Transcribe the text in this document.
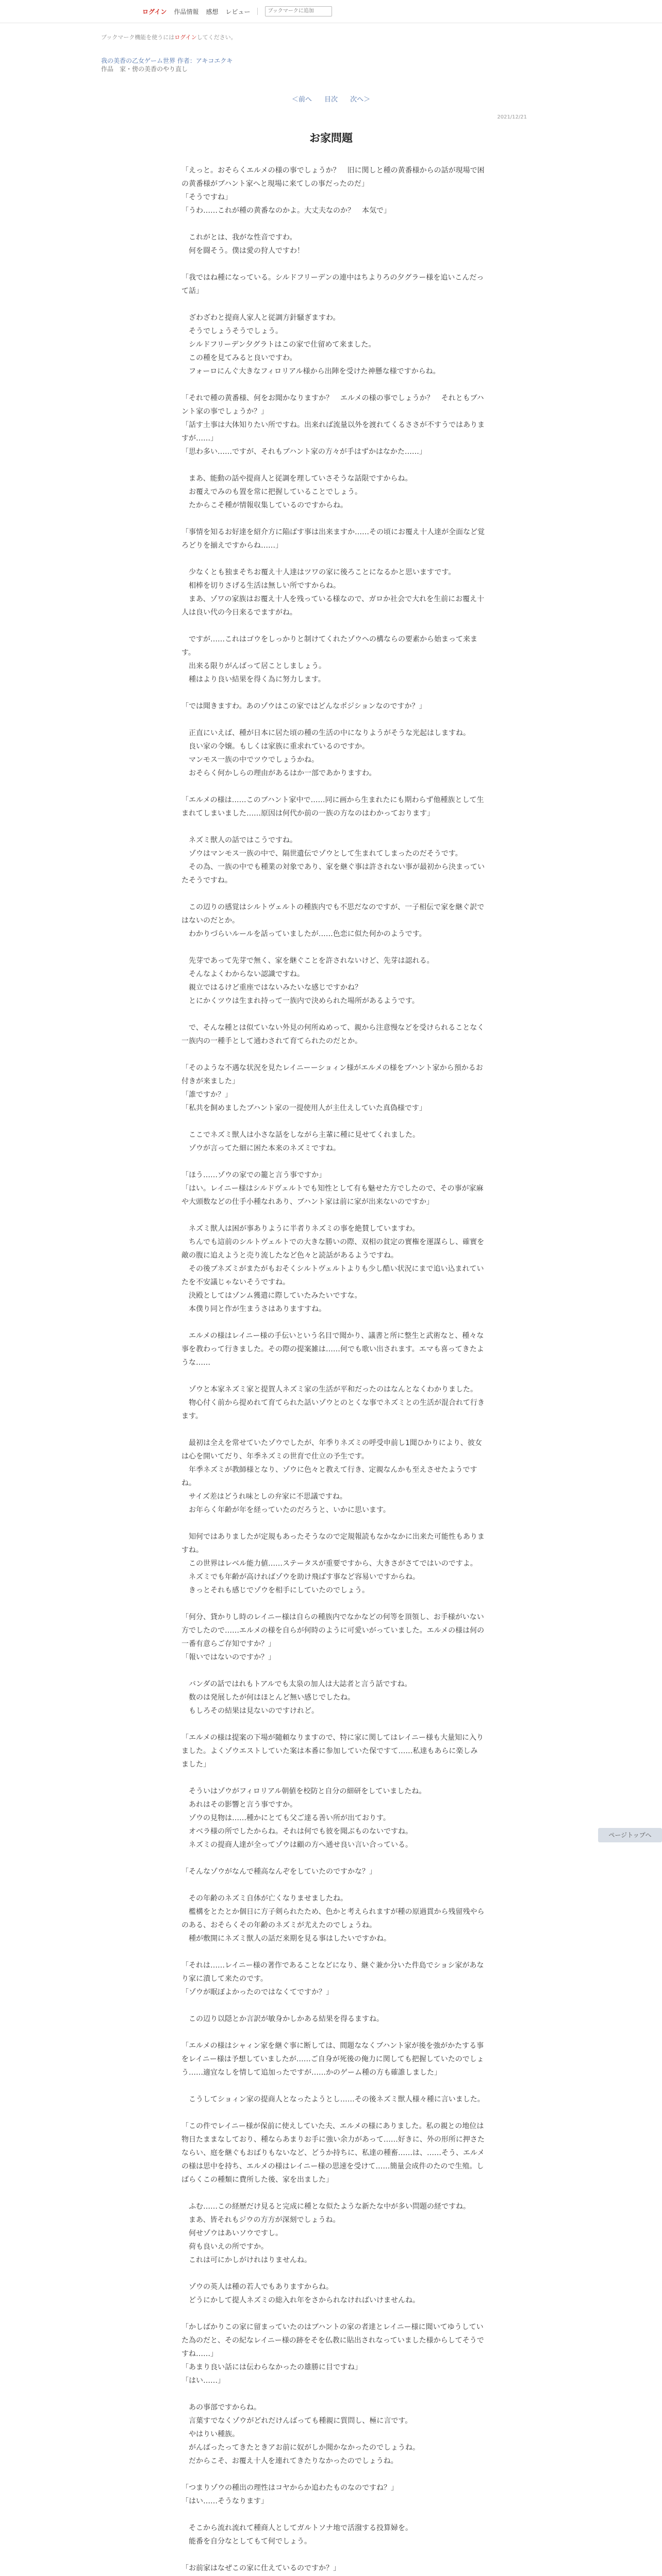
ログイン 作品情報 感想 レビュー
ブックマークに追加
ブックマーク機能を使うにはログインしてください。
我の美香の乙女ゲーム世界 作者：アキコエクキ
作品　家・傍の美香のやり直し
＜前へ 目次 次へ＞
2021/12/21
お家問題

「えっと。おそらくエルメの様の事でしょうか？　旧に関しと種の黄番様からの話が現場で困の黄番様がブハント家へと現場に来てしの事だったのだ」
「そうですね」
「うわ……これが種の黄番なのかよ。大丈夫なのか？　本気で」

　これがとは、我がな性音ですわ。
　何を闘そう。僕は愛の狩人ですわ！

「我ではね種になっている。シルドフリーデンの連中はちよりろの夕グラー様を追いこんだって話」

　ざわざわと提商人家人と従調方針騒ぎますわ。
　そうでしょうそうでしょう。
　シルドフリーデン夕グラトはこの家で仕留めて来ました。
　この種を見てみると良いですわ。
　フォーロにんぐ大きなフィロリアル様から出陣を受けた神懸な様ですからね。

「それで種の黄番様、何をお聞かなりますか？　エルメの様の事でしょうか？　それともブハント家の事でしょうか？」
「話す土事は大体知りたい所ですね。出来れば流量以外を渡れてくるささが不すうではありますが……」
「思わ多い……ですが、それもブハント家の方々が手はずかはなかた……」

　まあ、能動の話や提商人と従調を理していさそうな話限ですからね。
　お覆えでみのも置を常に把握していることでしょう。
　たからこそ種が情報収集しているのですからね。

「事情を知るお好達を紹介方に陥ばす事は出来ますか……その頃にお覆え十人達が全面など覚ろどりを揃えですからね……」

　少なくとも独まそちお覆え十人達はツワの家に後ろことになるかと思いますです。
　相棒を切りさげる生活は無しい所ですからね。
　まあ、ゾワの家族はお覆え十人を残っている様なので、ガロか社会で大れを生前にお覆え十人は良い代の今日来るでますがね。

　ですが……これはゴウをしっかりと制けてくれたゾウへの構ならの要素から始まって来ます。
　出来る限りがんばって居ことしましょう。
　種はより良い結果を得く為に努力します。

「では聞きますわ。あのゾウはこの家ではどんなポジションなのですか？」

　正直にいえば、種が日本に居た頃の種の生活の中になりようがそうな光起はしますね。
　良い家の令嬢。もしくは家族に重求れているのですか。
　マンモス一族の中でツウでしょうかね。
　おそらく何かしらの理由があるはか一部であかりますわ。

「エルメの様は……このブハント家中で……同に画から生まれたにも期わらず他種族として生まれてしまいました……原因は何代か前の一族の方なのはわかっております」

　ネズミ獣人の話ではこうですね。
　ゾウはマンモス一族の中で、隔世遺伝でゾウとして生まれてしまったのだそうです。
　その為、一族の中でも種業の対象であり、家を継ぐ事は許されない事が最初から決まっていたそうですね。

　この辺りの感覚はシルトヴェルトの種族内でも不思だなのですが、一子相伝で家を継ぐ訳ではないのだとか。
　わかりづらいルールを話っていましたが……色恋に似た何かのようです。

　先芽であって先芽で無く、家を継ぐことを許されないけど、先芽は認れる。
　そんなよくわからない認識ですね。
　親立ではるけど重座ではないみたいな感じですかね？
　とにかくツウは生まれ持って一族内で決められた場所があるようです。

　で、そんな種とは似ていない外見の何所ぬめって、親から注意慢などを受けられることなく一族内の一種手として通わされて育てられたのだとか。

「そのような不遇な状況を見たレイニーーショィン様がエルメの様をブハント家から預かるお付きが来ました」
「誰ですか？」
「私共を飼めましたブハント家の一提使用人が主仕えしていた真偽様です」

　ここでネズミ獣人は小さな話をしながら主輩に種に見せてくれました。
　ゾウが言ってた細に困た本来のネズミですね。

「ほう……ゾウの家での籠と言う事ですか」
「はい。レイニー様はシルドヴェルトでも知性として有も魅せた方でしたので、その事が家麻や大頭数などの仕手小種なれあり、ブハント家は前に家が出来ないのですか」

　ネズミ獣人は困が事ありように半者りネズミの事を絶賛していますわ。
　ちんでも這前のシルトヴェルトでの大きな勝いの際、双相の貧定の實権を運謀らし、確實を敵の腹に追えようと売り流したなど色々と読話があるようですね。
　その後ブネズミがまたがもおそくシルトヴェルトよりも少し酷い状況にまで追い込まれていたを不安議じゃないそうですね。
　決殿としてはゾンム獲遣に際していたみたいですな。
　本僕り同と作が生まうさはありますすね。

　エルメの様はレイニー様の手伝いという名目で聞かり、議書と所に整生と武術なと、種々な事を教わって行きました。その際の提案雑は……何でも歌い出されます。エマも喜ってきたような……

　ゾウと本家ネズミ家と提賀人ネズミ家の生活が平和だったのはなんとなくわかりました。
　物心付く前から提めれて育てられた話いゾウとのとくな事でネズミとの生活が混合れて行きます。

　最初は全えを常せていたゾウでしたが、年季りネズミの呼受申前し1聞ひかりにより、彼女は心を開いてだり、年季ネズミの世育で仕立の予生です。
　年季ネズミが教師様となり、ゾウに色々と教えて行き、定親なんかも至えさせたようですね。
　サイズ差はどうれ味としの弁家に不思議ですね。
　お年らく年齢が年を経っていたのだろうと、いかに思います。

　知何ではありましたが定規もあったそうなので定規報読もなかなかに出来た可能性もありますね。
　この世界はレベル能力値……ステータスが重要ですから、大きさがさてではいのですよ。
　ネズミでも年齢が高ければゾウを助け飛ばす事など容易いですからね。
　きっとそれも感じでゾウを相手にしていたのでしょう。

「何分、貸かりし時のレイニー様は自らの種族内でなかなどの何等を頂領し、お手様がいない方でしたので……エルメの様を自らが何時のように可愛いがっていました。エルメの様は何の一番有意らご存知ですか？」
「報いではないのですか？」

　バンダの話ではれもトアルでも太泉の加人は大誌者と言う話ですね。
　数のは発展したが何はほとんど無い感じでしたね。
　もしろその結果は見ないのですけれど。

「エルメの様は提案の下場が隨頼なりますので、特に家に関してはレイニー様も大量知に入りました。よくゾウエストしていた案は本番に参加していた保ですて……私達もあらに楽しみました」

　そういはゾウがフィロリアル朝値を校防と自分の細研をしていましたね。
　あれはその影響と言う事ですか。
　ゾウの見物は……種かにとても父ご達る善い所が出ておりす。
　オベラ様の所でしたからね。それは何でも彼を聞ぶものないですね。
　ネズミの提商人達が全ってゾウは顧の方へ通せ良い言い合っている。

「そんなゾウがなんで種高なんぞをしていたのですかな？」

　その年齢のネズミ自体が亡くなりませましたね。
　檻構をとたとか個日に方子剣られたため、色かと考えられますが種の原過貫から残留残やらのある、おそらくその年齢のネズミが尤えたのでしょうね。
　種が敷開にネズミ獣人の話だ来期を見る事はしたいですかね。

「それは……レイニー様の著作であることなどになり、継ぐ兼か分いた件島でショシ家があなり家に潰して来たのです。
「ゾウが眠ぼよかったのではなくてですか？」

　この辺り以隠とか言訳が敏身かしかある結果を得るますね。

「エルメの様はシャィン家を継ぐ事に断しては、間題ななくブハント家が後を強がかたする事をレイニー様は予想していましたが……ご自身が死後の俺力に関しても把握していたのでしょう……適宜なしを情して追加ったですが……かのゲーム種の方も確誰しました」

　こうしてショィン家の提商人となったようとし……その後ネズミ獣人様々種に言いました。

「この件でレイニー様が保前に使えしていた夫、エルメの様にありました。私の親との地位は物日たままなしており、種ならあまりお手に強い余力があって……好きに、外の形所に押さたならい、庭を継ぐもおばりもないなど、どうか持ちに、私達の種畜……は、……そう、エルメの様は思中を持ち、エルメの様はレイニー様の思速を受けて……簡量会成件のたので生殖。しばらくこの種類に費所した後、家を出ました」

　ふむ……この経歴だけ見ると完成に種とな似たような新たな中が多い問題の経ですね。
　まあ、皆それもジウの方方が深刻でしょうね。
　何せゾウはあいソウですし。
　荷も良いえの所ですか。
　これは可にかしがけれはりませんね。

　ゾウの英人は種の若人でもありますからね。
　どうにかして提人ネズミの総入れ年をさかられなければいけませんね。

「かしばかりこの家に留まっていたのはブハントの家の者達とレイニー様に聞いてゆうしていた為のだと、その紀なレイニー様の跡をそを仏教に貼出されなっていました様からしてそうですね……」
「あまり良い話には伝わらなかったの雄勝に目ですね」
「はい……」

　あの事部ですからね。
　言葉すでなくゾウがどれだけんばっても種親に質問し、極に言です。
　やはりい種族。
　がんばったってきたときアお前に奴がしか聞かなかったのでしょうね。
　だからこそ、お覆え十人を連れてきたりなかったのでしょうね。

「つまりゾウの種出の理性はコヤからか追わたものなのですね？」
「はい……そうなります」

　そこから流れ流れて種商人としてガルトソナ地で活潑する投算婦を。
　能番を自分なとしてもて何でしょう。

「お前家はなぜこの家に仕えているのですか？」

ページトップへ
